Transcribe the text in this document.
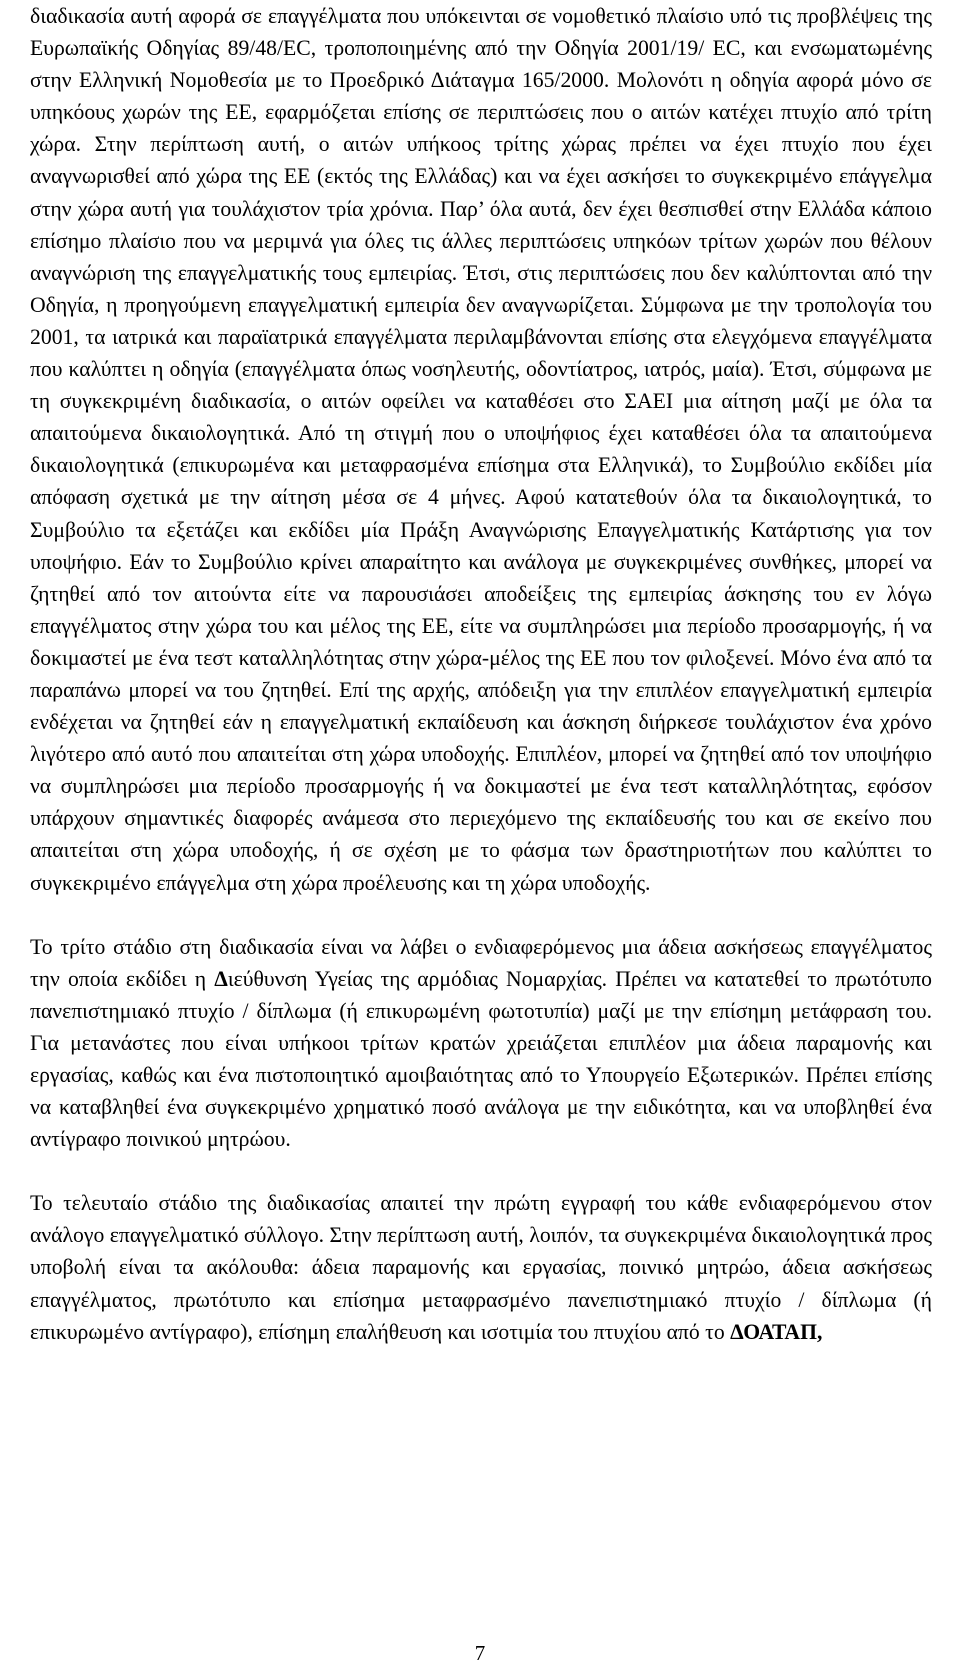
διαδικασία αυτή αφορά σε επαγγέλματα που υπόκεινται σε νομοθετικό πλαίσιο υπό τις προβλέψεις της Ευρωπαϊκής Οδηγίας 89/48/ΕC, τροποποιημένης από την Οδηγία 2001/19/ EC, και ενσωματωμένης στην Ελληνική Νομοθεσία με το Προεδρικό Διάταγμα 165/2000. Μολονότι η οδηγία αφορά μόνο σε υπηκόους χωρών της ΕΕ, εφαρμόζεται επίσης σε περιπτώσεις που ο αιτών κατέχει πτυχίο από τρίτη χώρα. Στην περίπτωση αυτή, ο αιτών υπήκοος τρίτης χώρας πρέπει να έχει πτυχίο που έχει αναγνωρισθεί από χώρα της ΕΕ (εκτός της Ελλάδας) και να έχει ασκήσει το συγκεκριμένο επάγγελμα στην χώρα αυτή για τουλάχιστον τρία χρόνια. Παρ’ όλα αυτά, δεν έχει θεσπισθεί στην Ελλάδα κάποιο επίσημο πλαίσιο που να μεριμνά για όλες τις άλλες περιπτώσεις υπηκόων τρίτων χωρών που θέλουν αναγνώριση της επαγγελματικής τους εμπειρίας. Έτσι, στις περιπτώσεις που δεν καλύπτονται από την Οδηγία, η προηγούμενη επαγγελματική εμπειρία δεν αναγνωρίζεται. Σύμφωνα με την τροπολογία του 2001, τα ιατρικά και παραϊατρικά επαγγέλματα περιλαμβάνονται επίσης στα ελεγχόμενα επαγγέλματα που καλύπτει η οδηγία (επαγγέλματα όπως νοσηλευτής, οδοντίατρος, ιατρός, μαία). Έτσι, σύμφωνα με τη συγκεκριμένη διαδικασία, ο αιτών οφείλει να καταθέσει στο ΣΑΕΙ μια αίτηση μαζί με όλα τα απαιτούμενα δικαιολογητικά. Από τη στιγμή που ο υποψήφιος έχει καταθέσει όλα τα απαιτούμενα δικαιολογητικά (επικυρωμένα και μεταφρασμένα επίσημα στα Ελληνικά), το Συμβούλιο εκδίδει μία απόφαση σχετικά με την αίτηση μέσα σε 4 μήνες. Αφού κατατεθούν όλα τα δικαιολογητικά, το Συμβούλιο τα εξετάζει και εκδίδει μία Πράξη Αναγνώρισης Επαγγελματικής Κατάρτισης για τον υποψήφιο. Εάν το Συμβούλιο κρίνει απαραίτητο και ανάλογα με συγκεκριμένες συνθήκες, μπορεί να ζητηθεί από τον αιτούντα είτε να παρουσιάσει αποδείξεις της εμπειρίας άσκησης του εν λόγω επαγγέλματος στην χώρα του και μέλος της ΕΕ, είτε να συμπληρώσει μια περίοδο προσαρμογής, ή να δοκιμαστεί με ένα τεστ καταλληλότητας στην χώρα-μέλος της ΕΕ που τον φιλοξενεί. Μόνο ένα από τα παραπάνω μπορεί να του ζητηθεί. Επί της αρχής, απόδειξη για την επιπλέον επαγγελματική εμπειρία ενδέχεται να ζητηθεί εάν η επαγγελματική εκπαίδευση και άσκηση διήρκεσε τουλάχιστον ένα χρόνο λιγότερο από αυτό που απαιτείται στη χώρα υποδοχής. Επιπλέον, μπορεί να ζητηθεί από τον υποψήφιο να συμπληρώσει μια περίοδο προσαρμογής ή να δοκιμαστεί με ένα τεστ καταλληλότητας, εφόσον υπάρχουν σημαντικές διαφορές ανάμεσα στο περιεχόμενο της εκπαίδευσής του και σε εκείνο που απαιτείται στη χώρα υποδοχής, ή σε σχέση με το φάσμα των δραστηριοτήτων που καλύπτει το συγκεκριμένο επάγγελμα στη χώρα προέλευσης και τη χώρα υποδοχής.

Το τρίτο στάδιο στη διαδικασία είναι να λάβει ο ενδιαφερόμενος μια άδεια ασκήσεως επαγγέλματος την οποία εκδίδει η Διεύθυνση Υγείας της αρμόδιας Νομαρχίας. Πρέπει να κατατεθεί το πρωτότυπο πανεπιστημιακό πτυχίο / δίπλωμα (ή επικυρωμένη φωτοτυπία) μαζί με την επίσημη μετάφραση του. Για μετανάστες που είναι υπήκοοι τρίτων κρατών χρειάζεται επιπλέον μια άδεια παραμονής και εργασίας, καθώς και ένα πιστοποιητικό αμοιβαιότητας από το Υπουργείο Εξωτερικών. Πρέπει επίσης να καταβληθεί ένα συγκεκριμένο χρηματικό ποσό ανάλογα με την ειδικότητα, και να υποβληθεί ένα αντίγραφο ποινικού μητρώου.

Το τελευταίο στάδιο της διαδικασίας απαιτεί την πρώτη εγγραφή του κάθε ενδιαφερόμενου στον ανάλογο επαγγελματικό σύλλογο. Στην περίπτωση αυτή, λοιπόν, τα συγκεκριμένα δικαιολογητικά προς υποβολή είναι τα ακόλουθα: άδεια παραμονής και εργασίας, ποινικό μητρώο, άδεια ασκήσεως επαγγέλματος, πρωτότυπο και επίσημα μεταφρασμένο πανεπιστημιακό πτυχίο / δίπλωμα (ή επικυρωμένο αντίγραφο), επίσημη επαλήθευση και ισοτιμία του πτυχίου από το ΔΟΑΤΑΠ,

7
